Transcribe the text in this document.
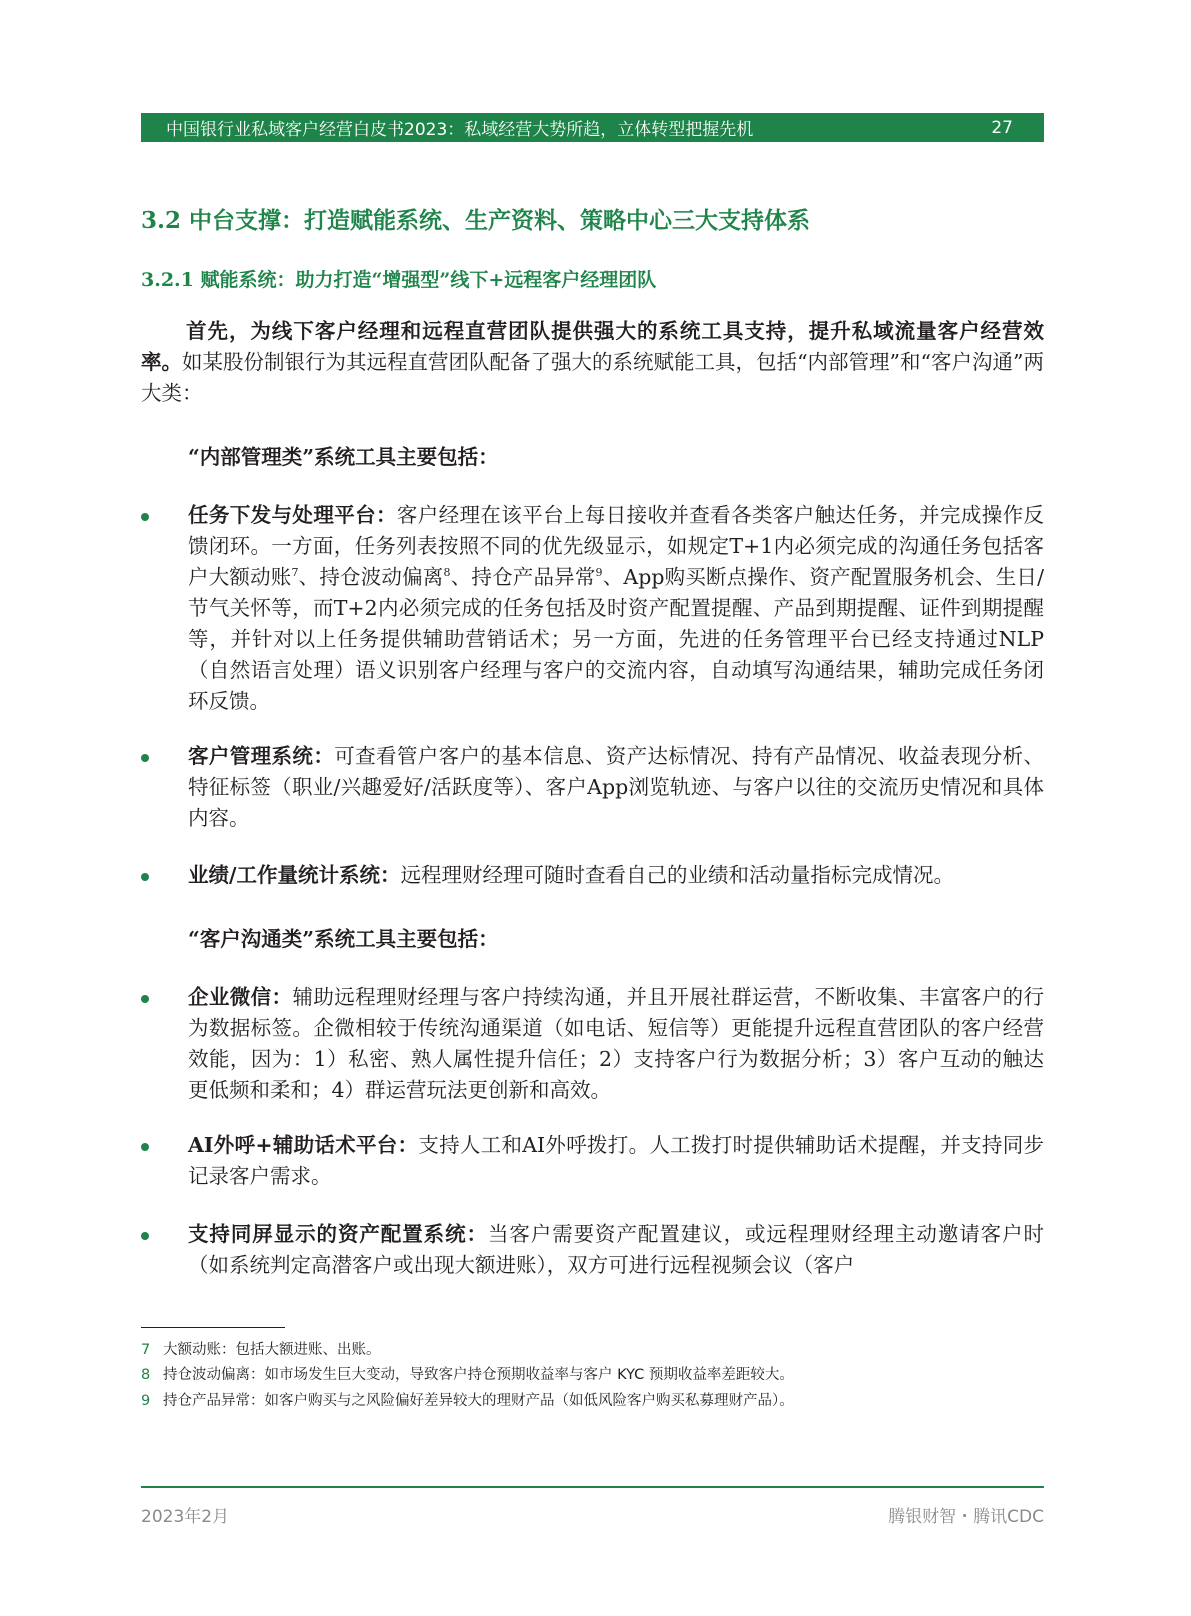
中国银行业私域客户经营白皮书2023：私域经营大势所趋，立体转型把握先机	27
3.2 中台支撑：打造赋能系统、生产资料、策略中心三大支持体系
3.2.1 赋能系统：助力打造“增强型”线下+远程客户经理团队

首先，为线下客户经理和远程直营团队提供强大的系统工具支持，提升私域流量客户经营效率。如某股份制银行为其远程直营团队配备了强大的系统赋能工具，包括“内部管理”和“客户沟通”两大类：

“内部管理类”系统工具主要包括：

任务下发与处理平台：客户经理在该平台上每日接收并查看各类客户触达任务，并完成操作反馈闭环。一方面，任务列表按照不同的优先级显示，如规定T+1内必须完成的沟通任务包括客户大额动账$^7$、持仓波动偏离$^8$、持仓产品异常$^9$、App购买断点操作、资产配置服务机会、生日/节气关怀等，而T+2内必须完成的任务包括及时资产配置提醒、产品到期提醒、证件到期提醒等，并针对以上任务提供辅助营销话术；另一方面，先进的任务管理平台已经支持通过NLP（自然语言处理）语义识别客户经理与客户的交流内容，自动填写沟通结果，辅助完成任务闭环反馈。

客户管理系统：可查看管户客户的基本信息、资产达标情况、持有产品情况、收益表现分析、特征标签（职业/兴趣爱好/活跃度等）、客户App浏览轨迹、与客户以往的交流历史情况和具体内容。

业绩/工作量统计系统：远程理财经理可随时查看自己的业绩和活动量指标完成情况。

“客户沟通类”系统工具主要包括：

企业微信：辅助远程理财经理与客户持续沟通，并且开展社群运营，不断收集、丰富客户的行为数据标签。企微相较于传统沟通渠道（如电话、短信等）更能提升远程直营团队的客户经营效能，因为：1）私密、熟人属性提升信任；2）支持客户行为数据分析；3）客户互动的触达更低频和柔和；4）群运营玩法更创新和高效。

AI外呼+辅助话术平台：支持人工和AI外呼拨打。人工拨打时提供辅助话术提醒，并支持同步记录客户需求。

支持同屏显示的资产配置系统：当客户需要资产配置建议，或远程理财经理主动邀请客户时（如系统判定高潜客户或出现大额进账），双方可进行远程视频会议（客户

7 大额动账：包括大额进账、出账。
8 持仓波动偏离：如市场发生巨大变动，导致客户持仓预期收益率与客户 KYC 预期收益率差距较大。
9 持仓产品异常：如客户购买与之风险偏好差异较大的理财产品（如低风险客户购买私募理财产品）。
2023年2月	腾银财智・腾讯CDC
